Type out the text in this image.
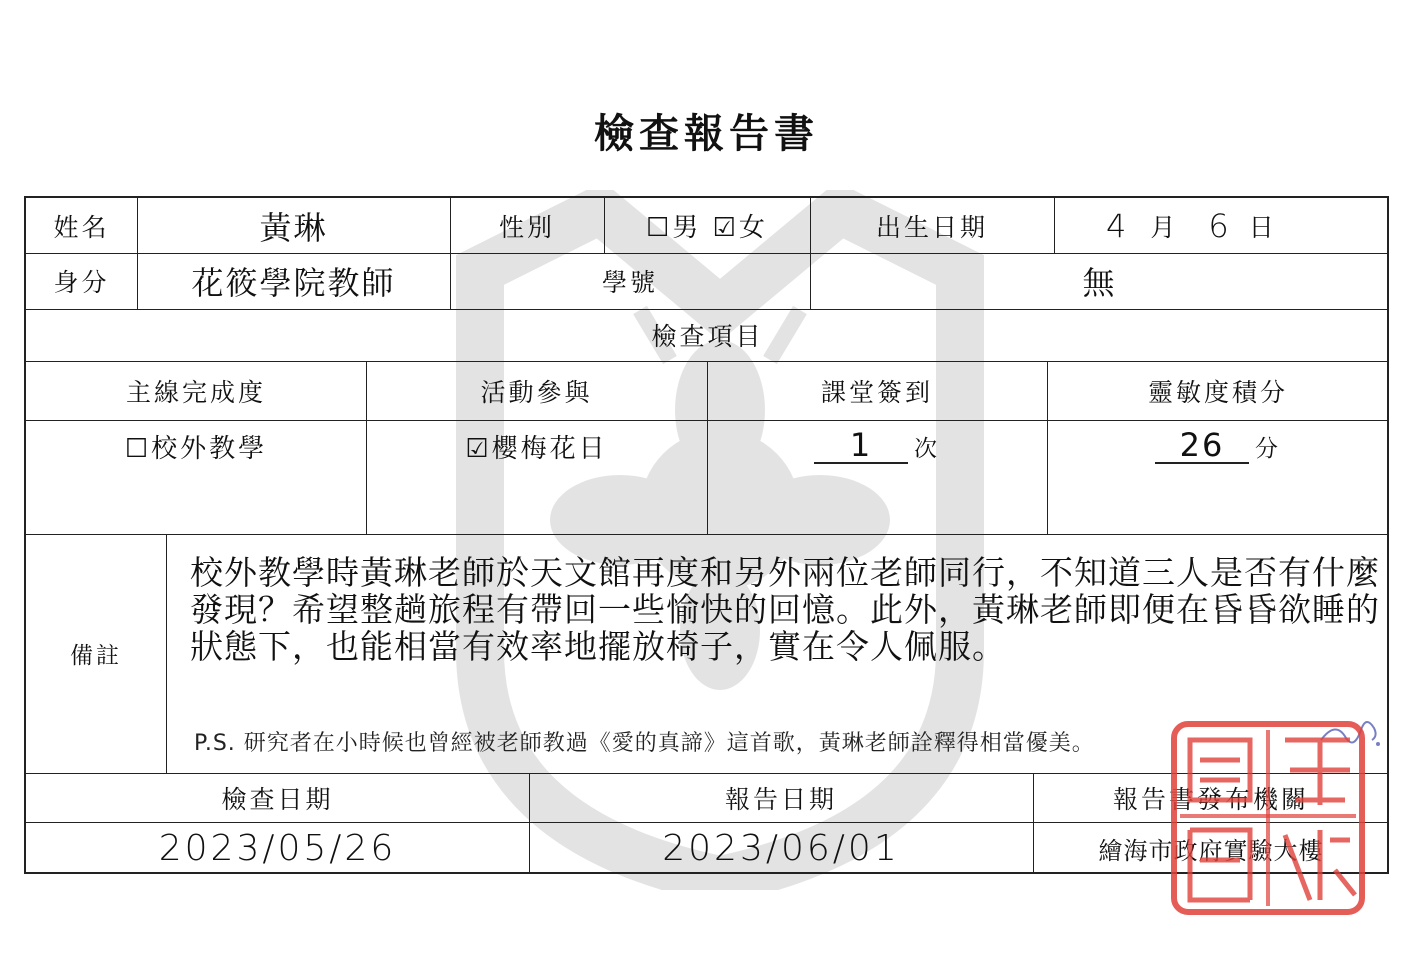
檢查報告書
姓名	黃琳	性別	☐男 ☑女	出生日期	4 月 6 日
身分	花筱學院教師	學號	無
檢查項目
主線完成度	活動參與	課堂簽到	靈敏度積分
☐校外教學	☑櫻梅花日	1	次	26	分
備註
校外教學時黃琳老師於天文館再度和另外兩位老師同行，不知道三人是否有什麼發現？希望整趟旅程有帶回一些愉快的回憶。此外，黃琳老師即便在昏昏欲睡的狀態下，也能相當有效率地擺放椅子，實在令人佩服。
P.S. 研究者在小時候也曾經被老師教過《愛的真諦》這首歌，黃琳老師詮釋得相當優美。
檢查日期	報告日期	報告書發布機關
2023/05/26	2023/06/01	繪海市政府實驗大樓
